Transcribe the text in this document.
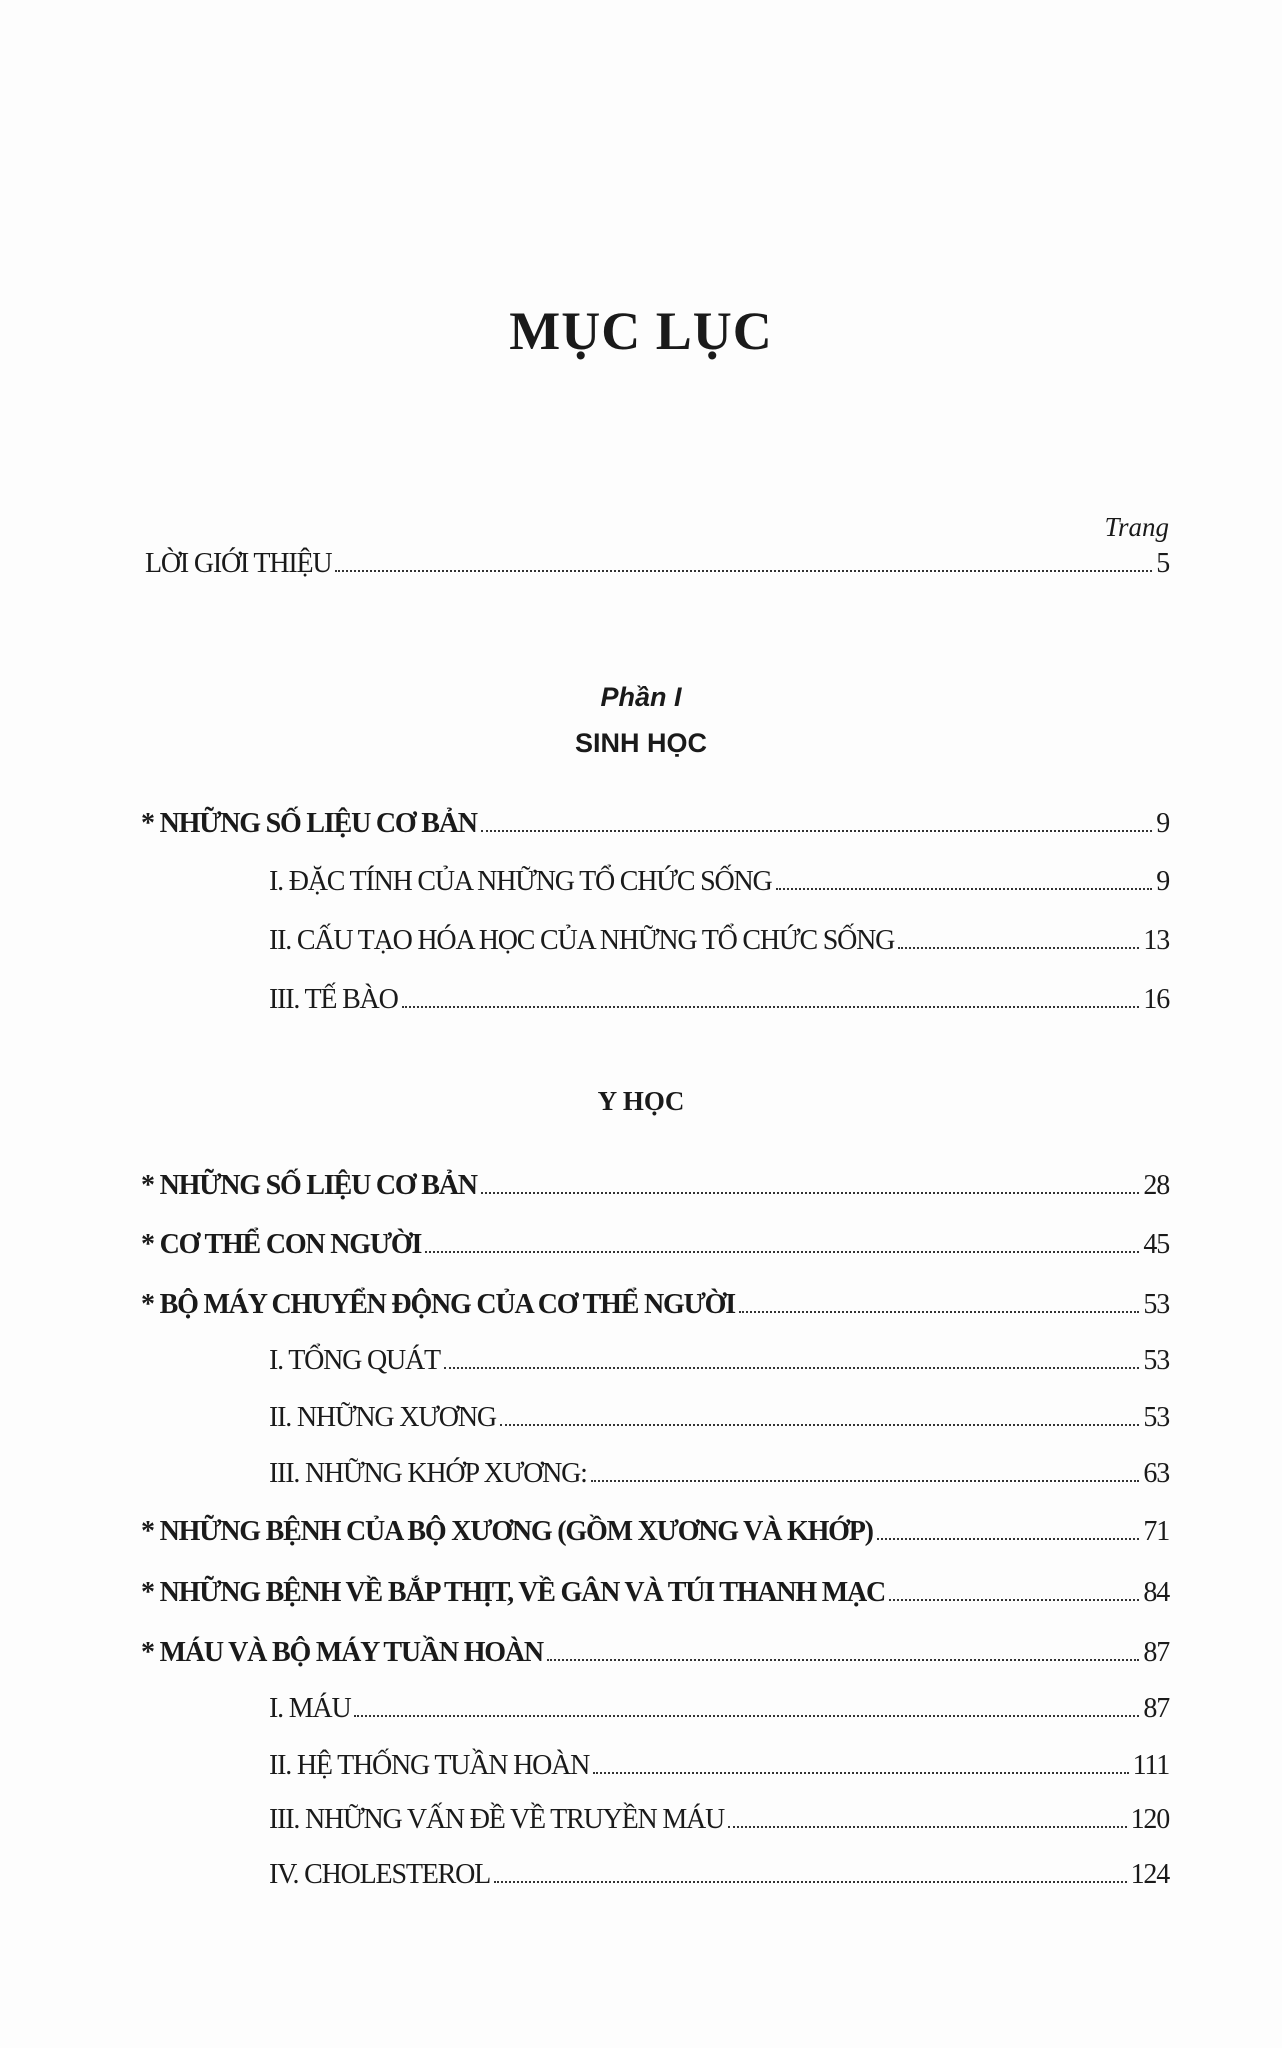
MỤC LỤC
Trang
LỜI GIỚI THIỆU	5
Phần I
SINH HỌC
* NHỮNG SỐ LIỆU CƠ BẢN	9
I. ĐẶC TÍNH CỦA NHỮNG TỔ CHỨC SỐNG	9
II. CẤU TẠO HÓA HỌC CỦA NHỮNG TỔ CHỨC SỐNG	13
III. TẾ BÀO	16
Y HỌC
* NHỮNG SỐ LIỆU CƠ BẢN	28
* CƠ THỂ CON NGƯỜI	45
* BỘ MÁY CHUYỂN ĐỘNG CỦA CƠ THỂ NGƯỜI	53
I. TỔNG QUÁT	53
II. NHỮNG XƯƠNG	53
III. NHỮNG KHỚP XƯƠNG:	63
* NHỮNG BỆNH CỦA BỘ XƯƠNG (GỒM XƯƠNG VÀ KHỚP)	71
* NHỮNG BỆNH VỀ BẮP THỊT, VỀ GÂN VÀ TÚI THANH MẠC	84
* MÁU VÀ BỘ MÁY TUẦN HOÀN	87
I. MÁU	87
II. HỆ THỐNG TUẦN HOÀN	111
III. NHỮNG VẤN ĐỀ VỀ TRUYỀN MÁU	120
IV. CHOLESTEROL	124
